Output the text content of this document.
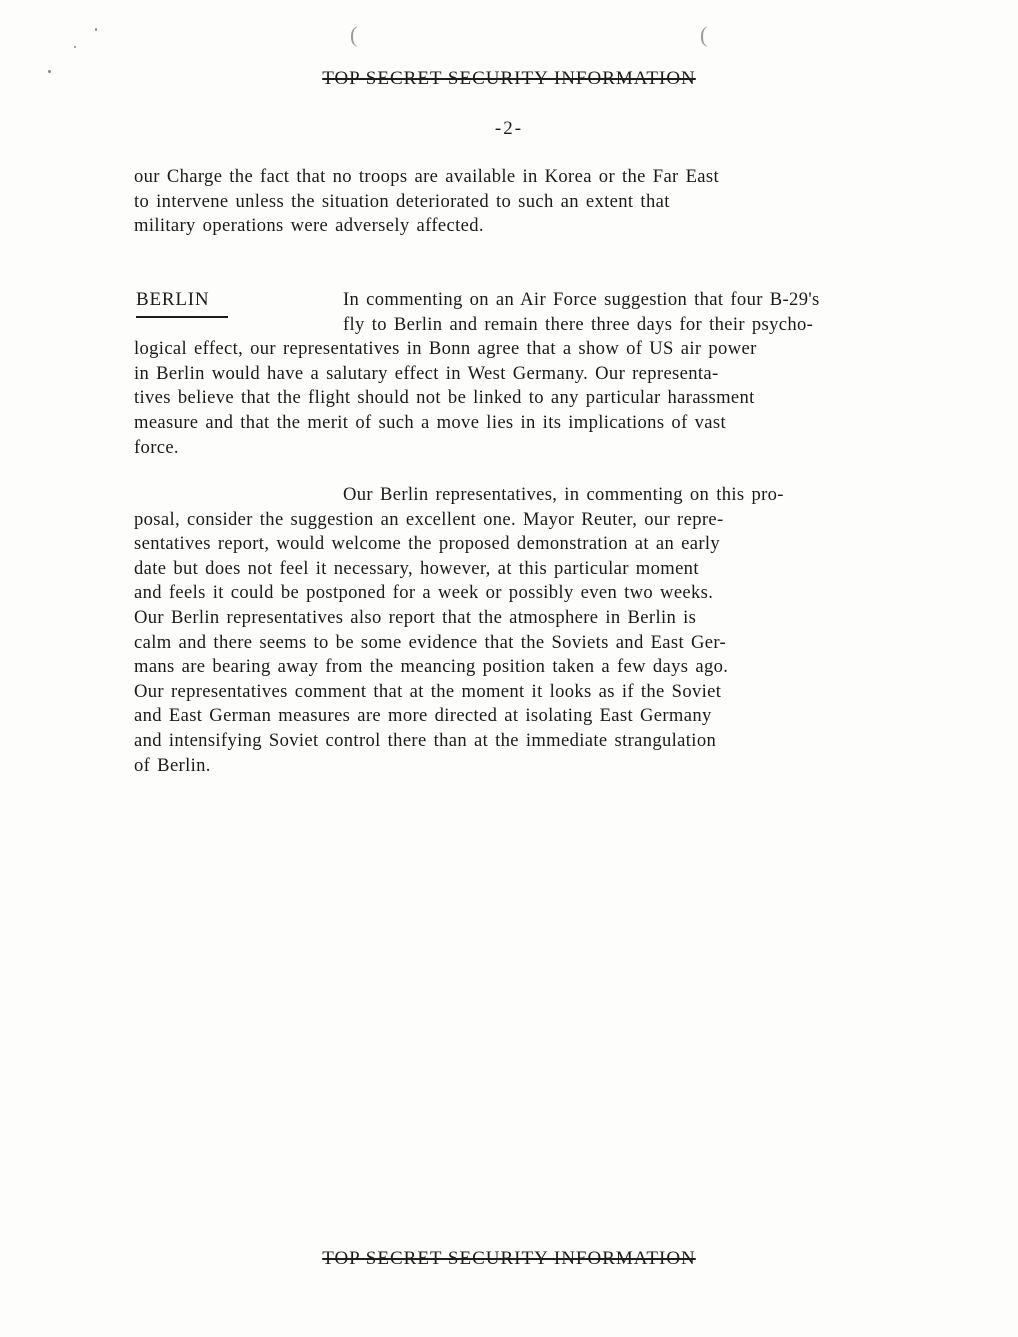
(	(
TOP SECRET SECURITY INFORMATION
-2-

our Charge the fact that no troops are available in Korea or the Far East
to intervene unless the situation deteriorated to such an extent that
military operations were adversely affected.

BERLIN	In commenting on an Air Force suggestion that four B-29's
fly to Berlin and remain there three days for their psycho-
logical effect, our representatives in Bonn agree that a show of US air power
in Berlin would have a salutary effect in West Germany. Our representa-
tives believe that the flight should not be linked to any particular harassment
measure and that the merit of such a move lies in its implications of vast
force.

Our Berlin representatives, in commenting on this pro-
posal, consider the suggestion an excellent one. Mayor Reuter, our repre-
sentatives report, would welcome the proposed demonstration at an early
date but does not feel it necessary, however, at this particular moment
and feels it could be postponed for a week or possibly even two weeks.
Our Berlin representatives also report that the atmosphere in Berlin is
calm and there seems to be some evidence that the Soviets and East Ger-
mans are bearing away from the meancing position taken a few days ago.
Our representatives comment that at the moment it looks as if the Soviet
and East German measures are more directed at isolating East Germany
and intensifying Soviet control there than at the immediate strangulation
of Berlin.

TOP SECRET SECURITY INFORMATION
